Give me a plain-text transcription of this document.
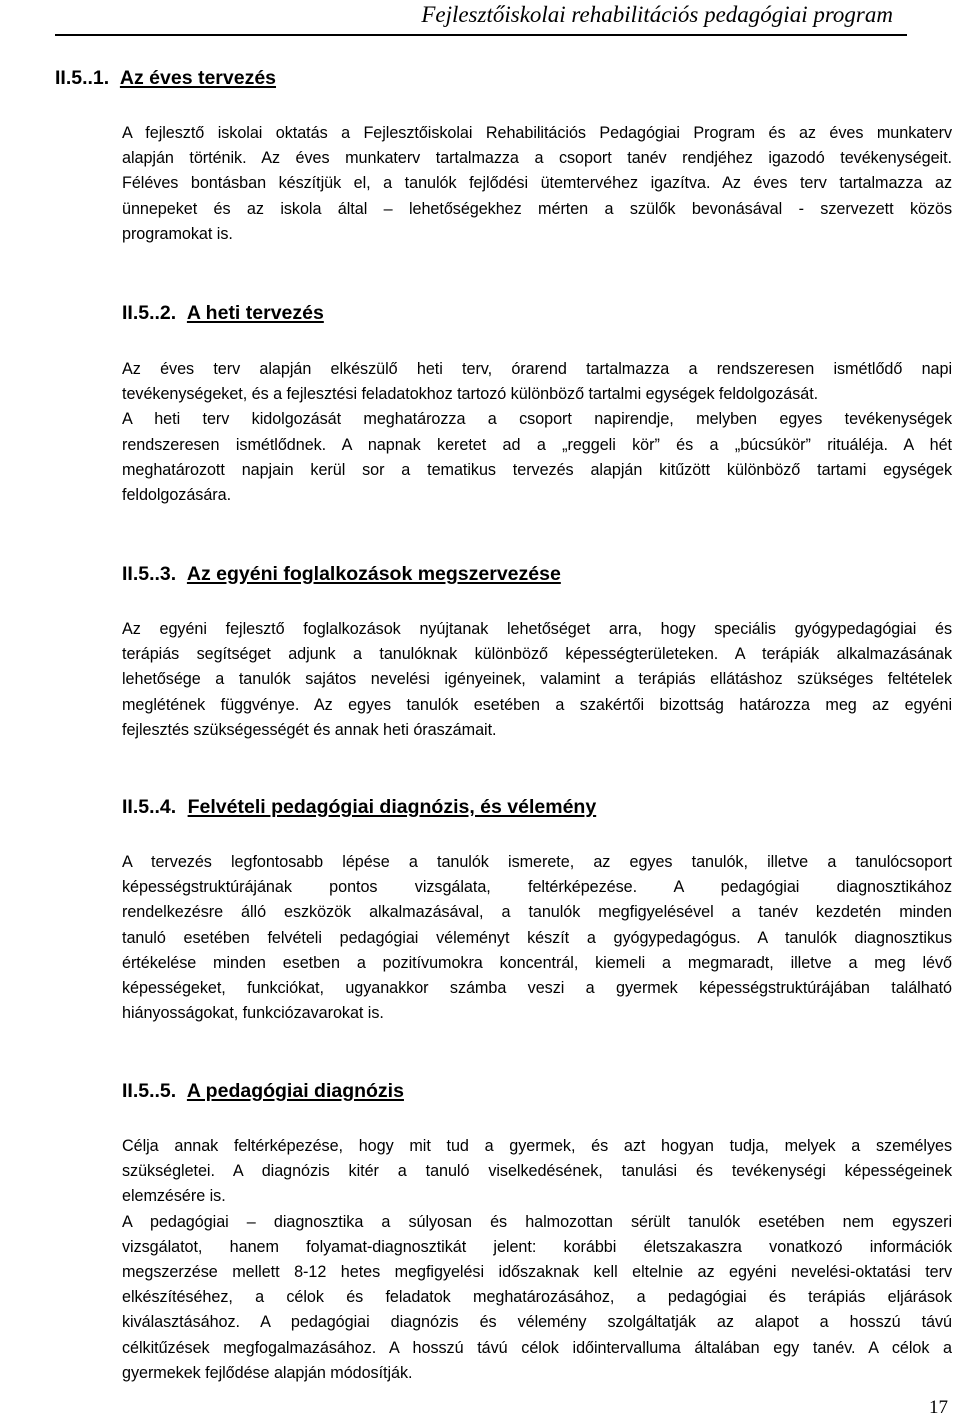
Fejlesztőiskolai rehabilitációs pedagógiai program
II.5..1. Az éves tervezés
A fejlesztő iskolai oktatás a Fejlesztőiskolai Rehabilitációs Pedagógiai Program és az éves munkaterv
alapján történik. Az éves munkaterv tartalmazza a csoport tanév rendjéhez igazodó tevékenységeit.
Féléves bontásban készítjük el, a tanulók fejlődési ütemtervéhez igazítva. Az éves terv tartalmazza az
ünnepeket és az iskola által – lehetőségekhez mérten a szülők bevonásával - szervezett közös
programokat is.
II.5..2. A heti tervezés
Az éves terv alapján elkészülő heti terv, órarend tartalmazza a rendszeresen ismétlődő napi
tevékenységeket, és a fejlesztési feladatokhoz tartozó különböző tartalmi egységek feldolgozását.
A heti terv kidolgozását meghatározza a csoport napirendje, melyben egyes tevékenységek
rendszeresen ismétlődnek. A napnak keretet ad a „reggeli kör” és a „búcsúkör” rituáléja. A hét
meghatározott napjain kerül sor a tematikus tervezés alapján kitűzött különböző tartami egységek
feldolgozására.
II.5..3. Az egyéni foglalkozások megszervezése
Az egyéni fejlesztő foglalkozások nyújtanak lehetőséget arra, hogy speciális gyógypedagógiai és
terápiás segítséget adjunk a tanulóknak különböző képességterületeken. A terápiák alkalmazásának
lehetősége a tanulók sajátos nevelési igényeinek, valamint a terápiás ellátáshoz szükséges feltételek
meglétének függvénye. Az egyes tanulók esetében a szakértői bizottság határozza meg az egyéni
fejlesztés szükségességét és annak heti óraszámait.
II.5..4. Felvételi pedagógiai diagnózis, és vélemény
A tervezés legfontosabb lépése a tanulók ismerete, az egyes tanulók, illetve a tanulócsoport
képességstruktúrájának pontos vizsgálata, feltérképezése. A pedagógiai diagnosztikához
rendelkezésre álló eszközök alkalmazásával, a tanulók megfigyelésével a tanév kezdetén minden
tanuló esetében felvételi pedagógiai véleményt készít a gyógypedagógus. A tanulók diagnosztikus
értékelése minden esetben a pozitívumokra koncentrál, kiemeli a megmaradt, illetve a meg lévő
képességeket, funkciókat, ugyanakkor számba veszi a gyermek képességstruktúrájában található
hiányosságokat, funkciózavarokat is.
II.5..5. A pedagógiai diagnózis
Célja annak feltérképezése, hogy mit tud a gyermek, és azt hogyan tudja, melyek a személyes
szükségletei. A diagnózis kitér a tanuló viselkedésének, tanulási és tevékenységi képességeinek
elemzésére is.
A pedagógiai – diagnosztika a súlyosan és halmozottan sérült tanulók esetében nem egyszeri
vizsgálatot, hanem folyamat-diagnosztikát jelent: korábbi életszakaszra vonatkozó információk
megszerzése mellett 8-12 hetes megfigyelési időszaknak kell eltelnie az egyéni nevelési-oktatási terv
elkészítéséhez, a célok és feladatok meghatározásához, a pedagógiai és terápiás eljárások
kiválasztásához. A pedagógiai diagnózis és vélemény szolgáltatják az alapot a hosszú távú
célkitűzések megfogalmazásához. A hosszú távú célok időintervalluma általában egy tanév. A célok a
gyermekek fejlődése alapján módosítják.
17
